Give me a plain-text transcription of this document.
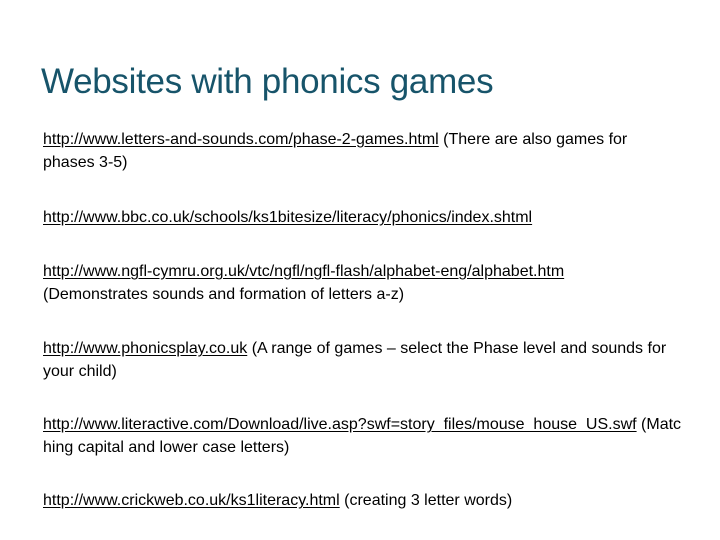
Websites with phonics games

http://www.letters-and-sounds.com/phase-2-games.html (There are also games for phases 3-5)

http://www.bbc.co.uk/schools/ks1bitesize/literacy/phonics/index.shtml

http://www.ngfl-cymru.org.uk/vtc/ngfl/ngfl-flash/alphabet-eng/alphabet.htm
(Demonstrates sounds and formation of letters a-z)

http://www.phonicsplay.co.uk (A range of games – select the Phase level and sounds for your child)

http://www.literactive.com/Download/live.asp?swf=story_files/mouse_house_US.swf (Matching capital and lower case letters)

http://www.crickweb.co.uk/ks1literacy.html (creating 3 letter words)
